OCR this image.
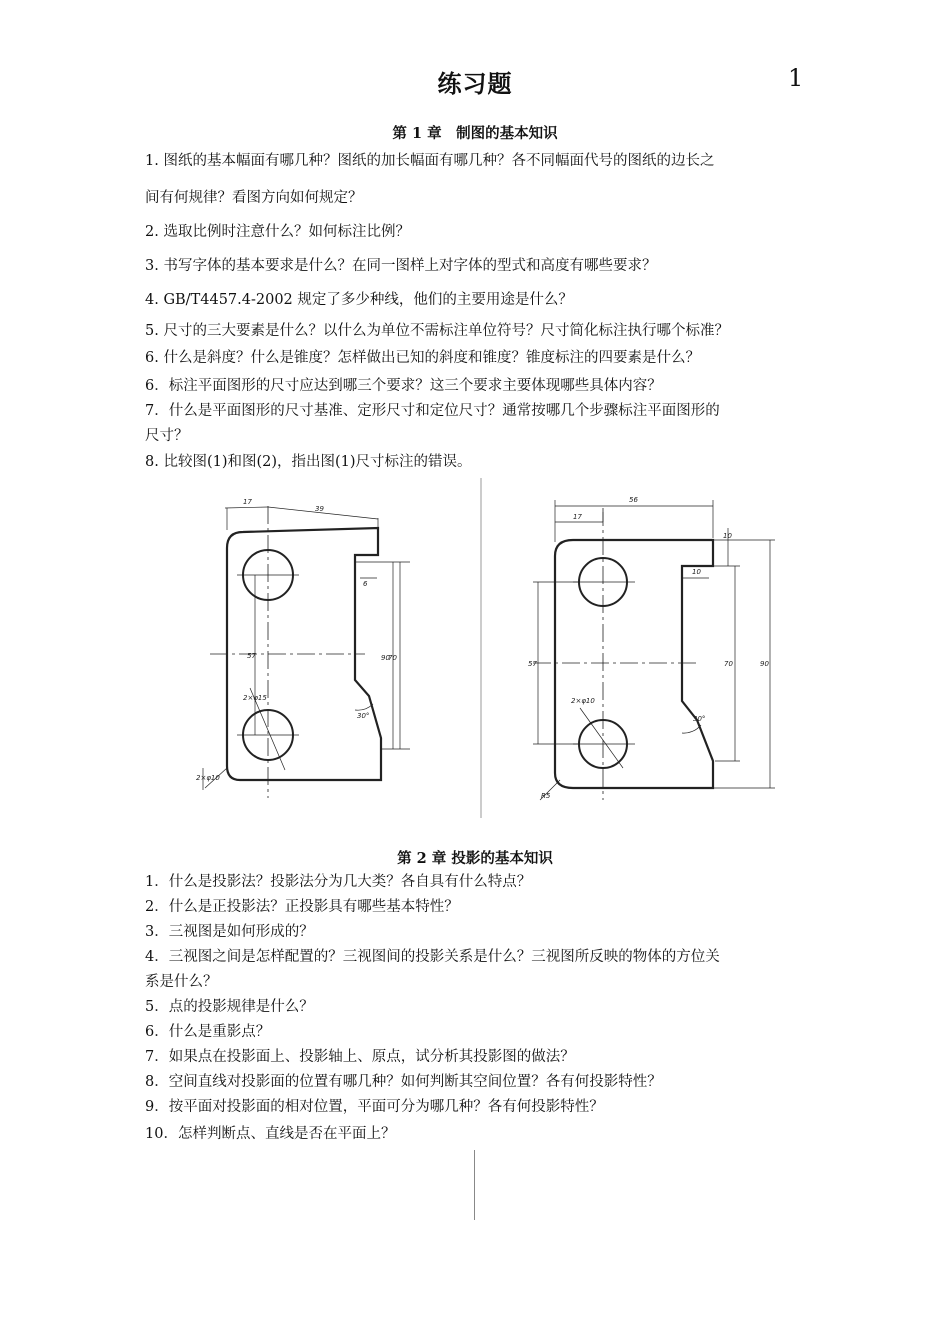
练习题	1
第 1 章　制图的基本知识
1. 图纸的基本幅面有哪几种？图纸的加长幅面有哪几种？各不同幅面代号的图纸的边长之
间有何规律？看图方向如何规定？
2. 选取比例时注意什么？如何标注比例？
3. 书写字体的基本要求是什么？在同一图样上对字体的型式和高度有哪些要求？
4. GB/T4457.4-2002 规定了多少种线，他们的主要用途是什么？
5. 尺寸的三大要素是什么？以什么为单位不需标注单位符号？尺寸简化标注执行哪个标准？
6. 什么是斜度？什么是锥度？怎样做出已知的斜度和锥度？锥度标注的四要素是什么？
6．标注平面图形的尺寸应达到哪三个要求？这三个要求主要体现哪些具体内容？
7．什么是平面图形的尺寸基准、定形尺寸和定位尺寸？通常按哪几个步骤标注平面图形的
尺寸？
8. 比较图(1)和图(2)，指出图(1)尺寸标注的错误。
17
39
6
57	90
70
2×φ15
30°
2×φ10
56
17
10
10
57	70	90
2×φ10
30°
R5
第 2 章 投影的基本知识
1．什么是投影法？投影法分为几大类？各自具有什么特点？
2．什么是正投影法？正投影具有哪些基本特性？
3．三视图是如何形成的？
4．三视图之间是怎样配置的？三视图间的投影关系是什么？三视图所反映的物体的方位关
系是什么？
5．点的投影规律是什么？
6．什么是重影点？
7．如果点在投影面上、投影轴上、原点，试分析其投影图的做法？
8．空间直线对投影面的位置有哪几种？如何判断其空间位置？各有何投影特性？
9．按平面对投影面的相对位置，平面可分为哪几种？各有何投影特性？
10．怎样判断点、直线是否在平面上？
